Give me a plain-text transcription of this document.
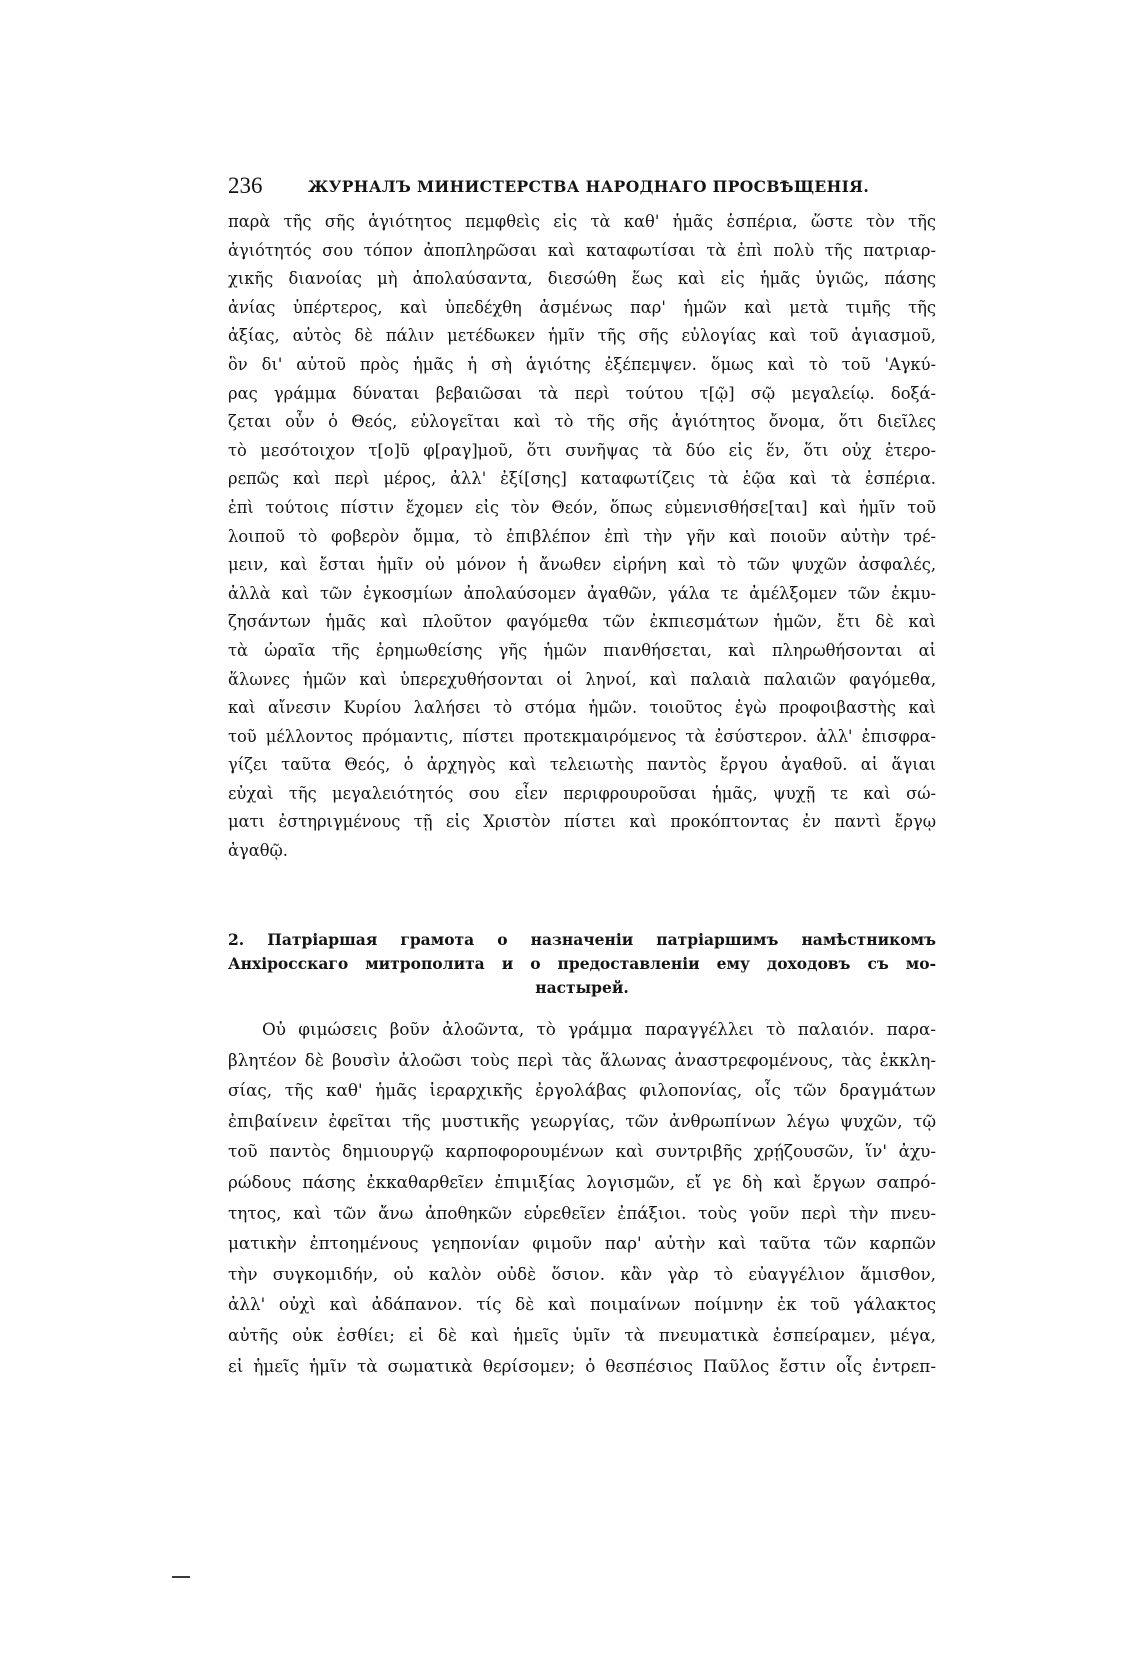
236	ЖУРНАЛЪ МИНИСТЕРСТВА НАРОДНАГО ПРОСВѢЩЕНІЯ.
παρὰ τῆς σῆς ἁγιότητος πεμφθεὶς εἰς τὰ καθ' ἡμᾶς ἑσπέρια, ὥστε τὸν τῆς
ἁγιότητός σου τόπον ἀποπληρῶσαι καὶ καταφωτίσαι τὰ ἐπὶ πολὺ τῆς πατριαρ-
χικῆς διανοίας μὴ ἀπολαύσαντα, διεσώθη ἕως καὶ εἰς ἡμᾶς ὑγιῶς, πάσης
ἀνίας ὑπέρτερος, καὶ ὑπεδέχθη ἀσμένως παρ' ἡμῶν καὶ μετὰ τιμῆς τῆς
ἀξίας, αὐτὸς δὲ πάλιν μετέδωκεν ἡμῖν τῆς σῆς εὐλογίας καὶ τοῦ ἁγιασμοῦ,
ὃν δι' αὐτοῦ πρὸς ἡμᾶς ἡ σὴ ἁγιότης ἐξέπεμψεν. ὅμως καὶ τὸ τοῦ 'Αγκύ-
ρας γράμμα δύναται βεβαιῶσαι τὰ περὶ τούτου τ[ῷ] σῷ μεγαλείῳ. δοξά-
ζεται οὖν ὁ Θεός, εὐλογεῖται καὶ τὸ τῆς σῆς ἁγιότητος ὄνομα, ὅτι διεῖλες
τὸ μεσότοιχον τ[ο]ῦ φ[ραγ]μοῦ, ὅτι συνῆψας τὰ δύο εἰς ἕν, ὅτι οὐχ ἑτερο-
ρεπῶς καὶ περὶ μέρος, ἀλλ' ἐξί[σης] καταφωτίζεις τὰ ἑῷα καὶ τὰ ἑσπέρια.
ἐπὶ τούτοις πίστιν ἔχομεν εἰς τὸν Θεόν, ὅπως εὐμενισθήσε[ται] καὶ ἡμῖν τοῦ
λοιποῦ τὸ φοβερὸν ὄμμα, τὸ ἐπιβλέπον ἐπὶ τὴν γῆν καὶ ποιοῦν αὐτὴν τρέ-
μειν, καὶ ἔσται ἡμῖν οὐ μόνον ἡ ἄνωθεν εἰρήνη καὶ τὸ τῶν ψυχῶν ἀσφαλές,
ἀλλὰ καὶ τῶν ἐγκοσμίων ἀπολαύσομεν ἀγαθῶν, γάλα τε ἀμέλξομεν τῶν ἐκμυ-
ζησάντων ἡμᾶς καὶ πλοῦτον φαγόμεθα τῶν ἐκπιεσμάτων ἡμῶν, ἔτι δὲ καὶ
τὰ ὡραῖα τῆς ἐρημωθείσης γῆς ἡμῶν πιανθήσεται, καὶ πληρωθήσονται αἱ
ἅλωνες ἡμῶν καὶ ὑπερεχυθήσονται οἱ ληνοί, καὶ παλαιὰ παλαιῶν φαγόμεθα,
καὶ αἴνεσιν Κυρίου λαλήσει τὸ στόμα ἡμῶν. τοιοῦτος ἐγὼ προφοιβαστὴς καὶ
τοῦ μέλλοντος πρόμαντις, πίστει προτεκμαιρόμενος τὰ ἐσύστερον. ἀλλ' ἐπισφρα-
γίζει ταῦτα Θεός, ὁ ἀρχηγὸς καὶ τελειωτὴς παντὸς ἔργου ἀγαθοῦ. αἱ ἅγιαι
εὐχαὶ τῆς μεγαλειότητός σου εἶεν περιφρουροῦσαι ἡμᾶς, ψυχῇ τε καὶ σώ-
ματι ἐστηριγμένους τῇ εἰς Χριστὸν πίστει καὶ προκόπτοντας ἐν παντὶ ἔργῳ
ἀγαθῷ.
2. Патріаршая грамота о назначеніи патріаршимъ намѣстникомъ
Анхіросскаго митрополита и о предоставленіи ему доходовъ съ мо-
настырей.
Οὐ φιμώσεις βοῦν ἀλοῶντα, τὸ γράμμα παραγγέλλει τὸ παλαιόν. παρα-
βλητέον δὲ βουσὶν ἀλοῶσι τοὺς περὶ τὰς ἅλωνας ἀναστρεφομένους, τὰς ἐκκλη-
σίας, τῆς καθ' ἡμᾶς ἱεραρχικῆς ἐργολάβας φιλοπονίας, οἷς τῶν δραγμάτων
ἐπιβαίνειν ἐφεῖται τῆς μυστικῆς γεωργίας, τῶν ἀνθρωπίνων λέγω ψυχῶν, τῷ
τοῦ παντὸς δημιουργῷ καρποφορουμένων καὶ συντριβῆς χρῄζουσῶν, ἵν' ἀχυ-
ρώδους πάσης ἐκκαθαρθεῖεν ἐπιμιξίας λογισμῶν, εἴ γε δὴ καὶ ἔργων σαπρό-
τητος, καὶ τῶν ἄνω ἀποθηκῶν εὑρεθεῖεν ἐπάξιοι. τοὺς γοῦν περὶ τὴν πνευ-
ματικὴν ἐπτοημένους γεηπονίαν φιμοῦν παρ' αὐτὴν καὶ ταῦτα τῶν καρπῶν
τὴν συγκομιδήν, οὐ καλὸν οὐδὲ ὅσιον. κἂν γὰρ τὸ εὐαγγέλιον ἅμισθον,
ἀλλ' οὐχὶ καὶ ἀδάπανον. τίς δὲ καὶ ποιμαίνων ποίμνην ἐκ τοῦ γάλακτος
αὐτῆς οὐκ ἐσθίει; εἰ δὲ καὶ ἡμεῖς ὑμῖν τὰ πνευματικὰ ἐσπείραμεν, μέγα,
εἰ ἡμεῖς ἡμῖν τὰ σωματικὰ θερίσομεν; ὁ θεσπέσιος Παῦλος ἔστιν οἷς ἐντρεπ-
